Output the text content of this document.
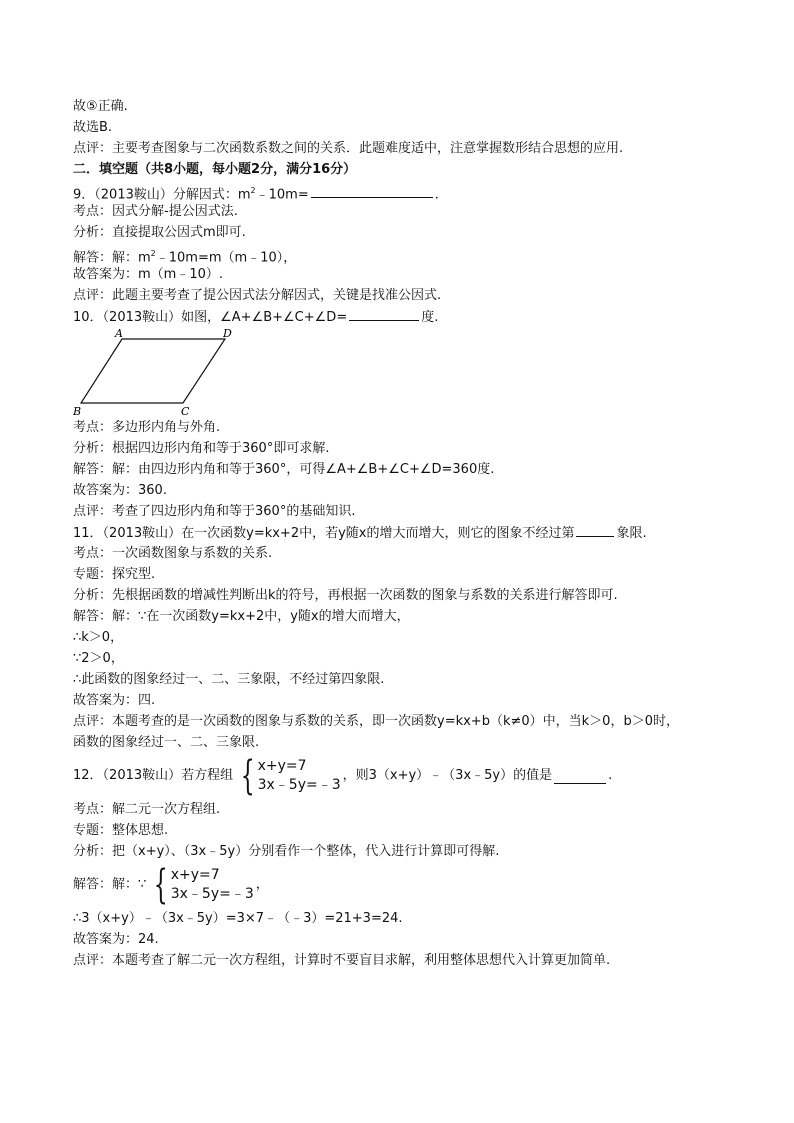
故⑤正确.
故选B.
点评：主要考查图象与二次函数系数之间的关系．此题难度适中，注意掌握数形结合思想的应用.
二．填空题（共8小题，每小题2分，满分16分）
9．（2013鞍山）分解因式：$m^2﹣10m=$	.
考点：因式分解-提公因式法.
分析：直接提取公因式m即可.
解答：解：$m^2﹣10m=m(m﹣10)$，
故答案为：m（m﹣10）.
点评：此题主要考查了提公因式法分解因式，关键是找准公因式.
10．（2013鞍山）如图，∠A+∠B+∠C+∠D=	度.
A	D
B	C
考点：多边形内角与外角.
分析：根据四边形内角和等于360°即可求解.
解答：解：由四边形内角和等于360°，可得∠A+∠B+∠C+∠D=360度.
故答案为：360.
点评：考查了四边形内角和等于360°的基础知识.
11．（2013鞍山）在一次函数y=kx+2中，若y随x的增大而增大，则它的图象不经过第	象限.
考点：一次函数图象与系数的关系.
专题：探究型.
分析：先根据函数的增减性判断出k的符号，再根据一次函数的图象与系数的关系进行解答即可.
解答：解：∵在一次函数y=kx+2中，y随x的增大而增大，
∴k＞0，
∵2＞0，
∴此函数的图象经过一、二、三象限，不经过第四象限.
故答案为：四.
点评：本题考查的是一次函数的图象与系数的关系，即一次函数y=kx+b（k≠0）中，当k＞0，b＞0时，
函数的图象经过一、二、三象限.
12．（2013鞍山）若方程组 { x+y=7
3x﹣5y=﹣3
，则3（x+y）﹣（3x﹣5y）的值是	.
考点：解二元一次方程组.
专题：整体思想.
分析：把（x+y）、（3x﹣5y）分别看作一个整体，代入进行计算即可得解.
解答：解：∵ { x+y=7
3x﹣5y=﹣3
，
∴3（x+y）﹣（3x﹣5y）=3×7﹣（﹣3）=21+3=24.
故答案为：24.
点评：本题考查了解二元一次方程组，计算时不要盲目求解，利用整体思想代入计算更加简单.
